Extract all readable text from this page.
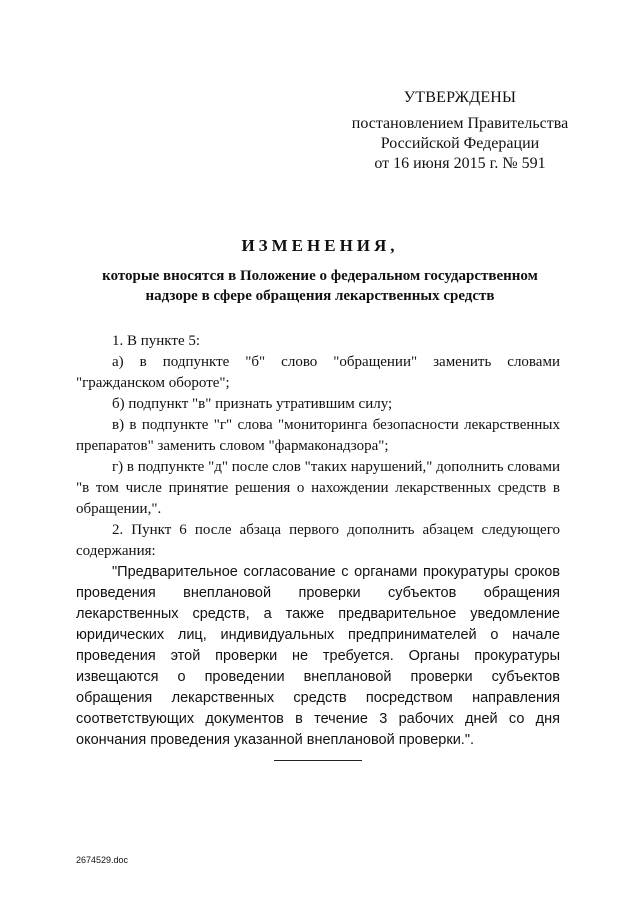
УТВЕРЖДЕНЫ
постановлением Правительства
Российской Федерации
от 16 июня 2015 г. № 591
ИЗМЕНЕНИЯ,
которые вносятся в Положение о федеральном государственном
надзоре в сфере обращения лекарственных средств

1. В пункте 5:

а) в подпункте "б" слово "обращении" заменить словами "гражданском обороте";

б) подпункт "в" признать утратившим силу;

в) в подпункте "г" слова "мониторинга безопасности лекарственных препаратов" заменить словом "фармаконадзора";

г) в подпункте "д" после слов "таких нарушений," дополнить словами "в том числе принятие решения о нахождении лекарственных средств в обращении,".

2. Пункт 6 после абзаца первого дополнить абзацем следующего содержания:

"Предварительное согласование с органами прокуратуры сроков проведения внеплановой проверки субъектов обращения лекарственных средств, а также предварительное уведомление юридических лиц, индивидуальных предпринимателей о начале проведения этой проверки не требуется. Органы прокуратуры извещаются о проведении внеплановой проверки субъектов обращения лекарственных средств посредством направления соответствующих документов в течение 3 рабочих дней со дня окончания проведения указанной внеплановой проверки.".

2674529.doc
